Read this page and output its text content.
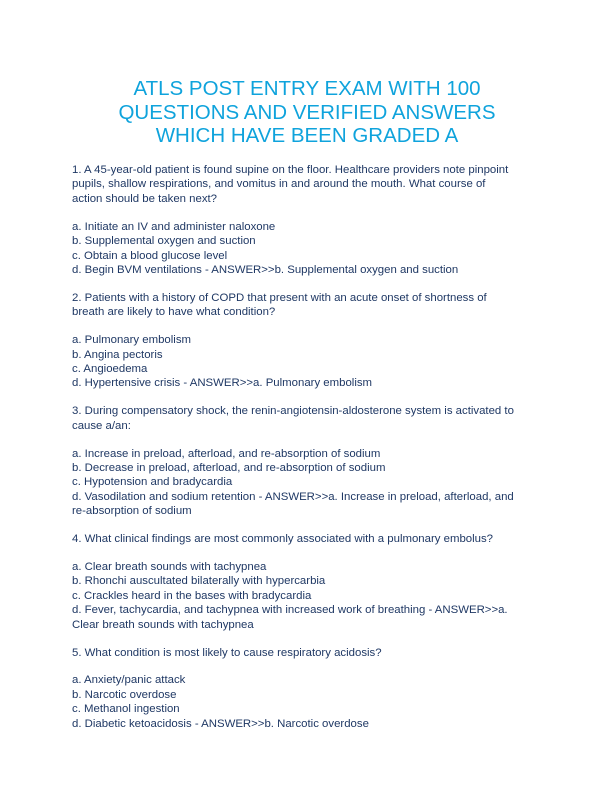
ATLS POST ENTRY EXAM WITH 100
QUESTIONS AND VERIFIED ANSWERS
WHICH HAVE BEEN GRADED A

1. A 45-year-old patient is found supine on the floor. Healthcare providers note pinpoint
pupils, shallow respirations, and vomitus in and around the mouth. What course of
action should be taken next?

a. Initiate an IV and administer naloxone
b. Supplemental oxygen and suction
c. Obtain a blood glucose level
d. Begin BVM ventilations - ANSWER>>b. Supplemental oxygen and suction

2. Patients with a history of COPD that present with an acute onset of shortness of
breath are likely to have what condition?

a. Pulmonary embolism
b. Angina pectoris
c. Angioedema
d. Hypertensive crisis - ANSWER>>a. Pulmonary embolism

3. During compensatory shock, the renin-angiotensin-aldosterone system is activated to
cause a/an:

a. Increase in preload, afterload, and re-absorption of sodium
b. Decrease in preload, afterload, and re-absorption of sodium
c. Hypotension and bradycardia
d. Vasodilation and sodium retention - ANSWER>>a. Increase in preload, afterload, and
re-absorption of sodium

4. What clinical findings are most commonly associated with a pulmonary embolus?

a. Clear breath sounds with tachypnea
b. Rhonchi auscultated bilaterally with hypercarbia
c. Crackles heard in the bases with bradycardia
d. Fever, tachycardia, and tachypnea with increased work of breathing - ANSWER>>a.
Clear breath sounds with tachypnea

5. What condition is most likely to cause respiratory acidosis?

a. Anxiety/panic attack
b. Narcotic overdose
c. Methanol ingestion
d. Diabetic ketoacidosis - ANSWER>>b. Narcotic overdose
